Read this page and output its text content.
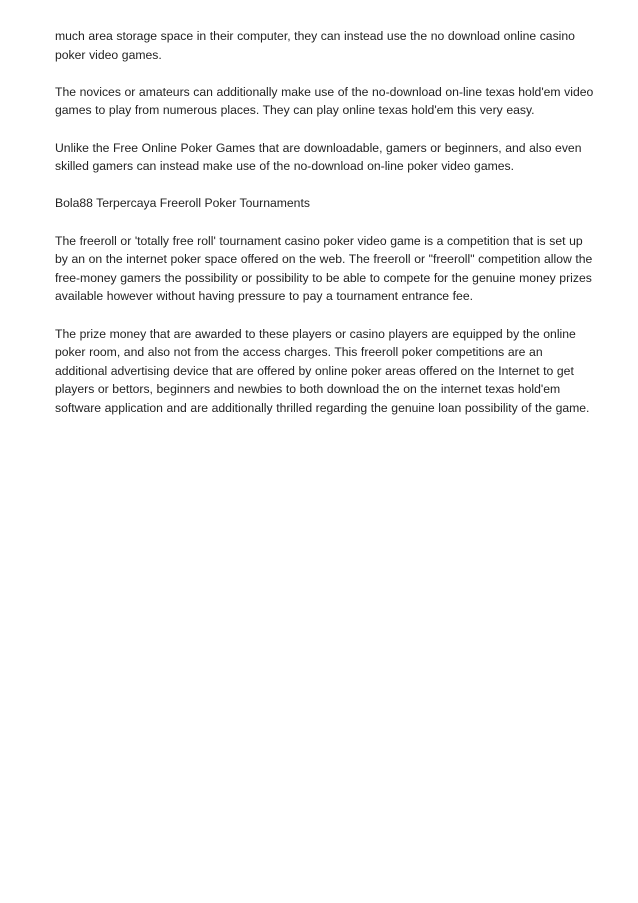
much area storage space in their computer, they can instead use the no download online casino poker video games.

The novices or amateurs can additionally make use of the no-download on-line texas hold'em video games to play from numerous places. They can play online texas hold'em this very easy.

Unlike the Free Online Poker Games that are downloadable, gamers or beginners, and also even skilled gamers can instead make use of the no-download on-line poker video games.

Bola88 Terpercaya Freeroll Poker Tournaments

The freeroll or 'totally free roll' tournament casino poker video game is a competition that is set up by an on the internet poker space offered on the web. The freeroll or "freeroll" competition allow the free-money gamers the possibility or possibility to be able to compete for the genuine money prizes available however without having pressure to pay a tournament entrance fee.

The prize money that are awarded to these players or casino players are equipped by the online poker room, and also not from the access charges. This freeroll poker competitions are an additional advertising device that are offered by online poker areas offered on the Internet to get players or bettors, beginners and newbies to both download the on the internet texas hold'em software application and are additionally thrilled regarding the genuine loan possibility of the game.
